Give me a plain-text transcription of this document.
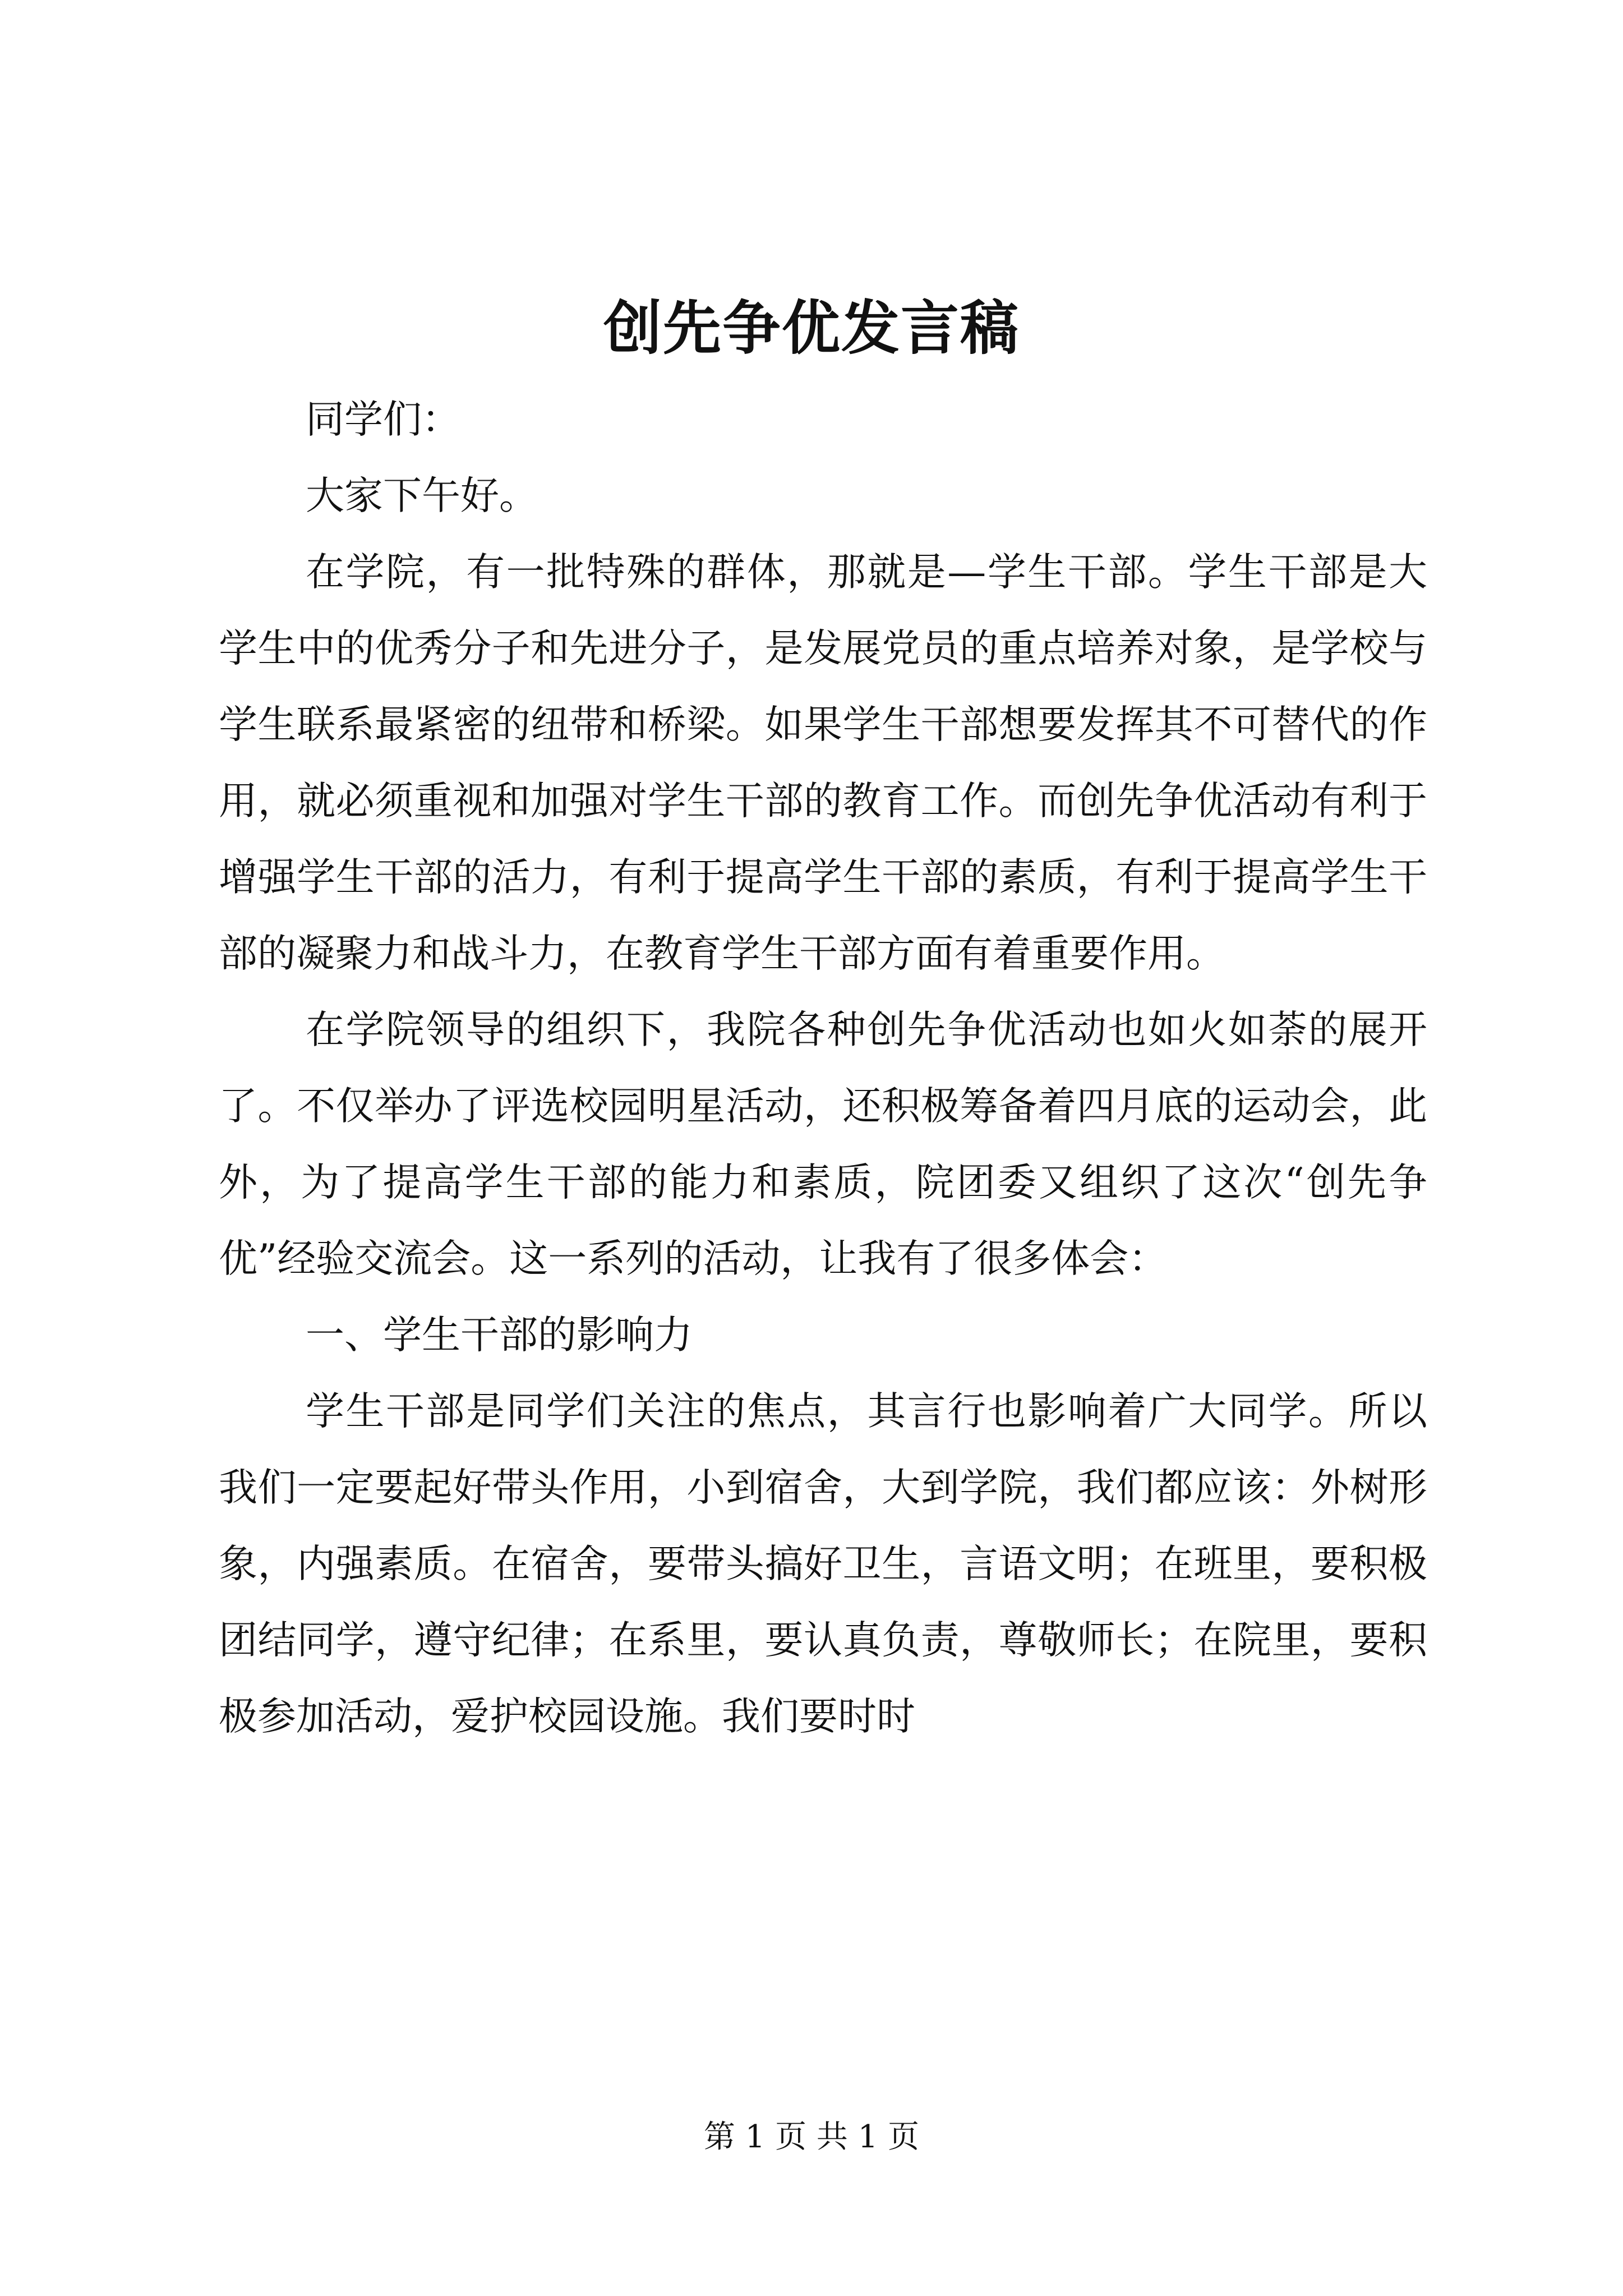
创先争优发言稿

同学们：

大家下午好。

在学院，有一批特殊的群体，那就是—学生干部。学生干部是大学生中的优秀分子和先进分子，是发展党员的重点培养对象，是学校与学生联系最紧密的纽带和桥梁。如果学生干部想要发挥其不可替代的作用，就必须重视和加强对学生干部的教育工作。而创先争优活动有利于增强学生干部的活力，有利于提高学生干部的素质，有利于提高学生干部的凝聚力和战斗力，在教育学生干部方面有着重要作用。

在学院领导的组织下，我院各种创先争优活动也如火如荼的展开了。不仅举办了评选校园明星活动，还积极筹备着四月底的运动会，此外，为了提高学生干部的能力和素质，院团委又组织了这次“创先争优”经验交流会。这一系列的活动，让我有了很多体会：

一、学生干部的影响力

学生干部是同学们关注的焦点，其言行也影响着广大同学。所以我们一定要起好带头作用，小到宿舍，大到学院，我们都应该：外树形象，内强素质。在宿舍，要带头搞好卫生，言语文明；在班里，要积极团结同学，遵守纪律；在系里，要认真负责，尊敬师长；在院里，要积极参加活动，爱护校园设施。我们要时时

第 1 页 共 1 页
